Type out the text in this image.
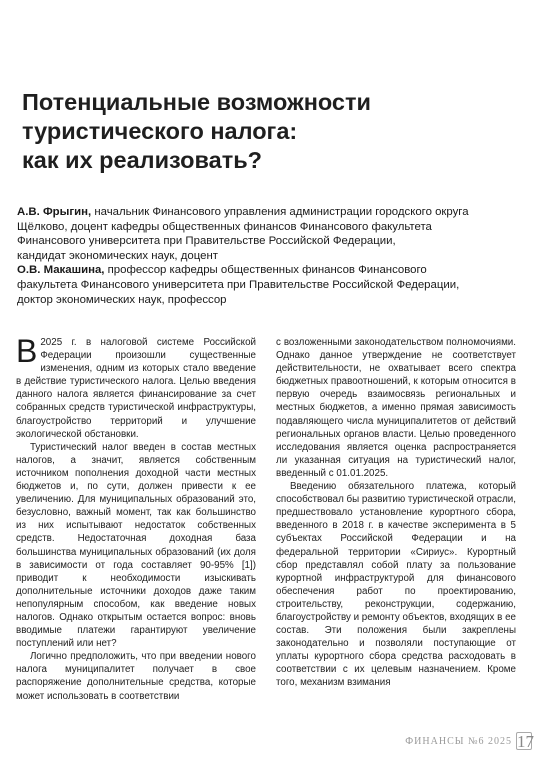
Потенциальные возможности
туристического налога:
как их реализовать?
А.В. Фрыгин, начальник Финансового управления администрации городского округа
Щёлково, доцент кафедры общественных финансов Финансового факультета
Финансового университета при Правительстве Российской Федерации,
кандидат экономических наук, доцент
О.В. Макашина, профессор кафедры общественных финансов Финансового
факультета Финансового университета при Правительстве Российской Федерации,
доктор экономических наук, профессор

В 2025 г. в налоговой системе Российской Федерации произошли существенные изменения, одним из которых стало введение в действие туристического налога. Целью введения данного налога является финансирование за счет собранных средств туристической инфраструктуры, благоустройство территорий и улучшение экологической обстановки.

Туристический налог введен в состав местных налогов, а значит, является собственным источником пополнения доходной части местных бюджетов и, по сути, должен привести к ее увеличению. Для муниципальных образований это, безусловно, важный момент, так как большинство из них испытывают недостаток собственных средств. Недостаточная доходная база большинства муниципальных образований (их доля в зависимости от года составляет 90-95% [1]) приводит к необходимости изыскивать дополнительные источники доходов даже таким непопулярным способом, как введение новых налогов. Однако открытым остается вопрос: вновь вводимые платежи гарантируют увеличение поступлений или нет?

Логично предположить, что при введении нового налога муниципалитет получает в свое распоряжение дополнительные средства, которые может использовать в соответствии

с возложенными законодательством полномочиями. Однако данное утверждение не соответствует действительности, не охватывает всего спектра бюджетных правоотношений, к которым относится в первую очередь взаимосвязь региональных и местных бюджетов, а именно прямая зависимость подавляющего числа муниципалитетов от действий региональных органов власти. Целью проведенного исследования является оценка распространяется ли указанная ситуация на туристический налог, введенный с 01.01.2025.

Введению обязательного платежа, который способствовал бы развитию туристической отрасли, предшествовало установление курортного сбора, введенного в 2018 г. в качестве эксперимента в 5 субъектах Российской Федерации и на федеральной территории «Сириус». Курортный сбор представлял собой плату за пользование курортной инфраструктурой для финансового обеспечения работ по проектированию, строительству, реконструкции, содержанию, благоустройству и ремонту объектов, входящих в ее состав. Эти положения были закреплены законодательно и позволяли поступающие от уплаты курортного сбора средства расходовать в соответствии с их целевым назначением. Кроме того, механизм взимания

ФИНАНСЫ №6 2025 17
